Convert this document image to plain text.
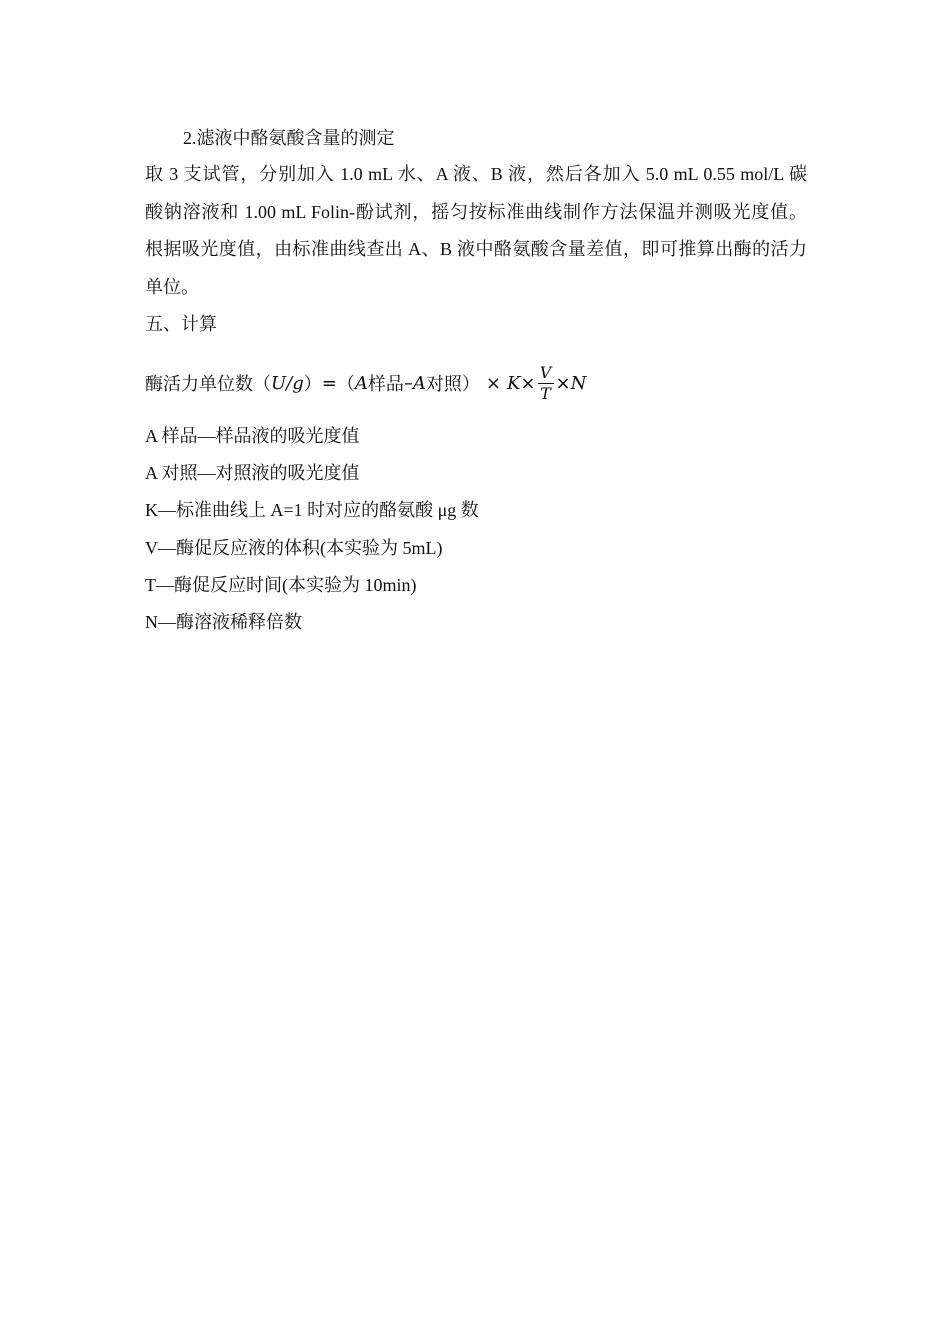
2.滤液中酪氨酸含量的测定
取 3 支试管，分别加入 1.0 mL 水、A 液、B 液，然后各加入 5.0 mL 0.55 mol/L 碳
酸钠溶液和 1.00 mL Folin-酚试剂，摇匀按标准曲线制作方法保温并测吸光度值。
根据吸光度值，由标准曲线查出 A、B 液中酪氨酸含量差值，即可推算出酶的活力
单位。
五、计算
酶活力单位数（ U/g ） = （ A 样品 – A 对照） × $K \times \frac{V}{T} \times N$
A 样品—样品液的吸光度值
A 对照—对照液的吸光度值
K—标准曲线上 A=1 时对应的酪氨酸 μg 数
V—酶促反应液的体积(本实验为 5mL)
T—酶促反应时间(本实验为 10min)
N—酶溶液稀释倍数
